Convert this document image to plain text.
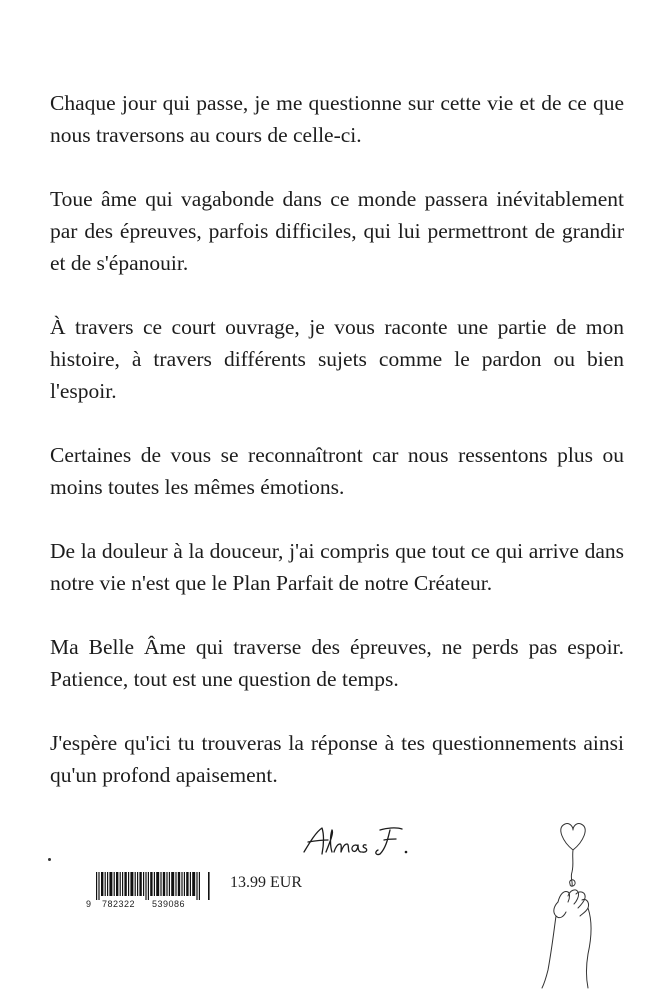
Chaque jour qui passe, je me questionne sur cette vie et de ce que nous traversons au cours de celle-ci.

Toue âme qui vagabonde dans ce monde passera inévitablement par des épreuves, parfois difficiles, qui lui permettront de grandir et de s'épanouir.

À travers ce court ouvrage, je vous raconte une partie de mon histoire, à travers différents sujets comme le pardon ou bien l'espoir.

Certaines de vous se reconnaîtront car nous ressentons plus ou moins toutes les mêmes émotions.

De la douleur à la douceur, j'ai compris que tout ce qui arrive dans notre vie n'est que le Plan Parfait de notre Créateur.

Ma Belle Âme qui traverse des épreuves, ne perds pas espoir. Patience, tout est une question de temps.

J'espère qu'ici tu trouveras la réponse à tes questionnements ainsi qu'un profond apaisement.

9 782322 539086
13.99 EUR
